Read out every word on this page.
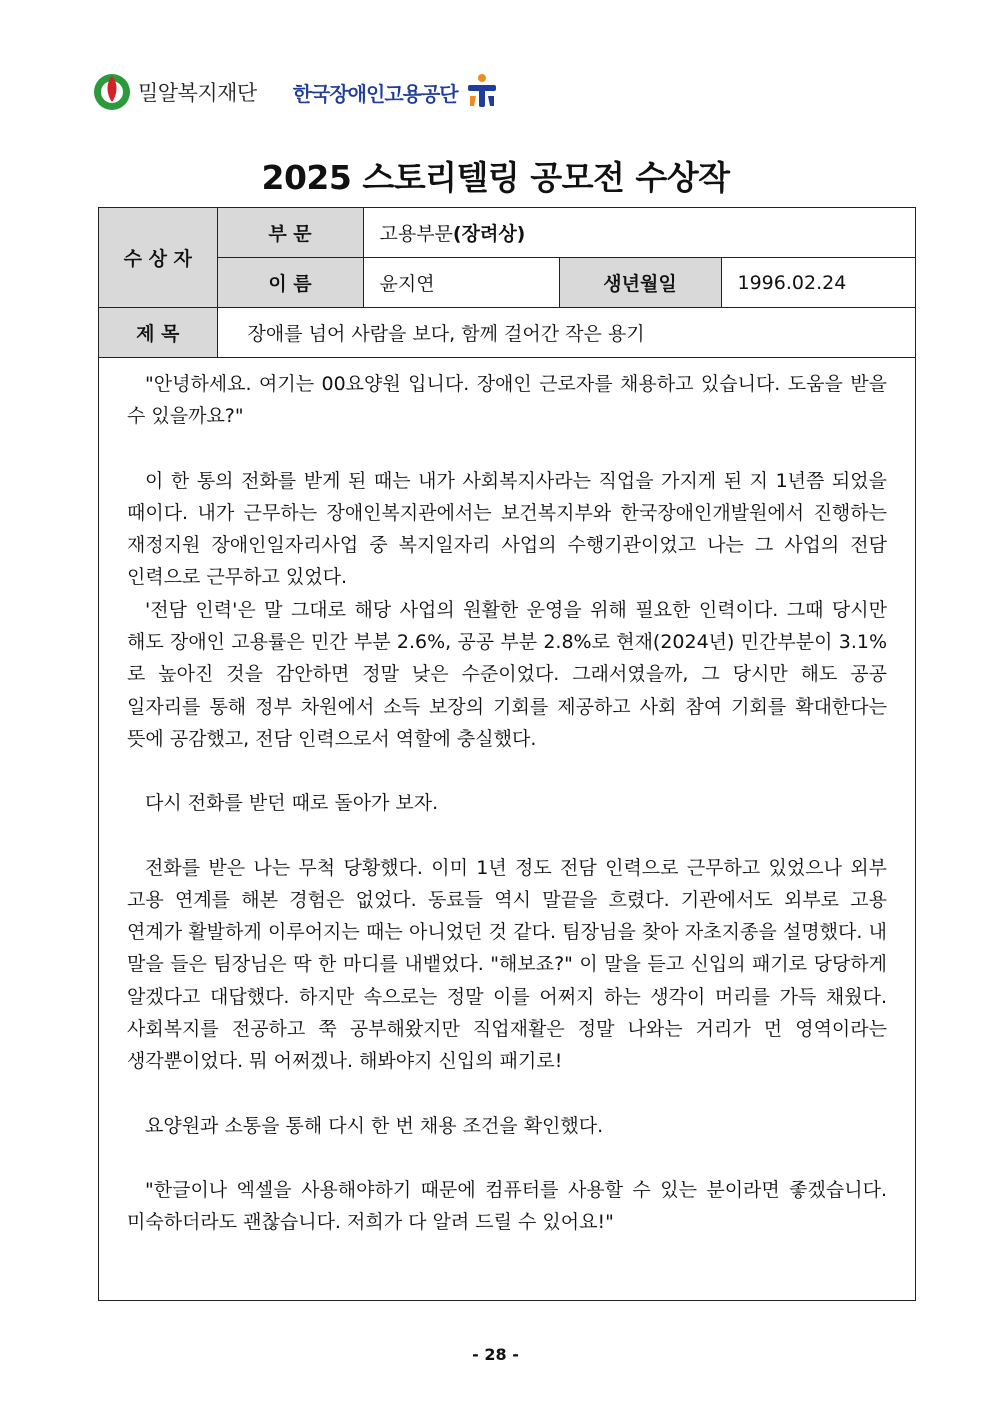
밀알복지재단 한국장애인고용공단
2025 스토리텔링 공모전 수상작
수 상 자	부 문	고용부문(장려상)		
	이 름	윤지연	생년월일	1996.02.24
제 목	장애를 넘어 사람을 보다, 함께 걸어간 작은 용기			

"안녕하세요. 여기는 00요양원 입니다. 장애인 근로자를 채용하고 있습니다. 도움을 받을 수 있을까요?"

이 한 통의 전화를 받게 된 때는 내가 사회복지사라는 직업을 가지게 된 지 1년쯤 되었을 때이다. 내가 근무하는 장애인복지관에서는 보건복지부와 한국장애인개발원에서 진행하는 재정지원 장애인일자리사업 중 복지일자리 사업의 수행기관이었고 나는 그 사업의 전담 인력으로 근무하고 있었다.

'전담 인력'은 말 그대로 해당 사업의 원활한 운영을 위해 필요한 인력이다. 그때 당시만 해도 장애인 고용률은 민간 부분 2.6%, 공공 부분 2.8%로 현재(2024년) 민간부분이 3.1%로 높아진 것을 감안하면 정말 낮은 수준이었다. 그래서였을까, 그 당시만 해도 공공 일자리를 통해 정부 차원에서 소득 보장의 기회를 제공하고 사회 참여 기회를 확대한다는 뜻에 공감했고, 전담 인력으로서 역할에 충실했다.

다시 전화를 받던 때로 돌아가 보자.

전화를 받은 나는 무척 당황했다. 이미 1년 정도 전담 인력으로 근무하고 있었으나 외부 고용 연계를 해본 경험은 없었다. 동료들 역시 말끝을 흐렸다. 기관에서도 외부로 고용 연계가 활발하게 이루어지는 때는 아니었던 것 같다. 팀장님을 찾아 자초지종을 설명했다. 내 말을 들은 팀장님은 딱 한 마디를 내뱉었다. "해보죠?" 이 말을 듣고 신입의 패기로 당당하게 알겠다고 대답했다. 하지만 속으로는 정말 이를 어쩌지 하는 생각이 머리를 가득 채웠다. 사회복지를 전공하고 쭉 공부해왔지만 직업재활은 정말 나와는 거리가 먼 영역이라는 생각뿐이었다. 뭐 어쩌겠나. 해봐야지 신입의 패기로!

요양원과 소통을 통해 다시 한 번 채용 조건을 확인했다.

"한글이나 엑셀을 사용해야하기 때문에 컴퓨터를 사용할 수 있는 분이라면 좋겠습니다. 미숙하더라도 괜찮습니다. 저희가 다 알려 드릴 수 있어요!"

- 28 -
